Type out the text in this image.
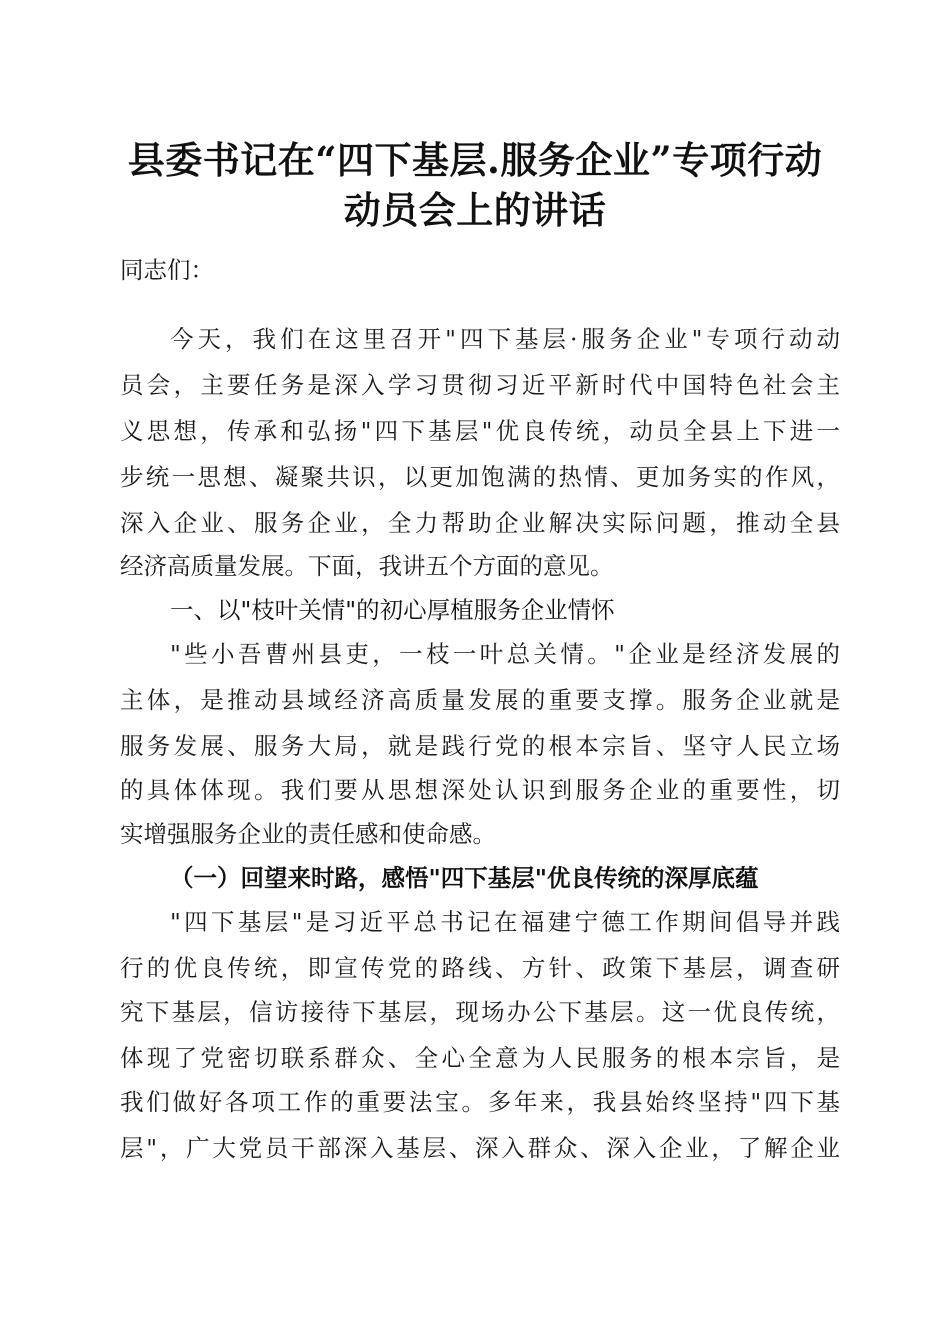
县委书记在“四下基层.服务企业”专项行动
动员会上的讲话
同志们：
今天，我们在这里召开"四下基层·服务企业"专项行动动
员会，主要任务是深入学习贯彻习近平新时代中国特色社会主
义思想，传承和弘扬"四下基层"优良传统，动员全县上下进一
步统一思想、凝聚共识，以更加饱满的热情、更加务实的作风，
深入企业、服务企业，全力帮助企业解决实际问题，推动全县
经济高质量发展。下面，我讲五个方面的意见。
一、以"枝叶关情"的初心厚植服务企业情怀
"些小吾曹州县吏，一枝一叶总关情。"企业是经济发展的
主体，是推动县域经济高质量发展的重要支撑。服务企业就是
服务发展、服务大局，就是践行党的根本宗旨、坚守人民立场
的具体体现。我们要从思想深处认识到服务企业的重要性，切
实增强服务企业的责任感和使命感。
（一）回望来时路，感悟"四下基层"优良传统的深厚底蕴
"四下基层"是习近平总书记在福建宁德工作期间倡导并践
行的优良传统，即宣传党的路线、方针、政策下基层，调查研
究下基层，信访接待下基层，现场办公下基层。这一优良传统，
体现了党密切联系群众、全心全意为人民服务的根本宗旨，是
我们做好各项工作的重要法宝。多年来，我县始终坚持"四下基
层"，广大党员干部深入基层、深入群众、深入企业，了解企业
